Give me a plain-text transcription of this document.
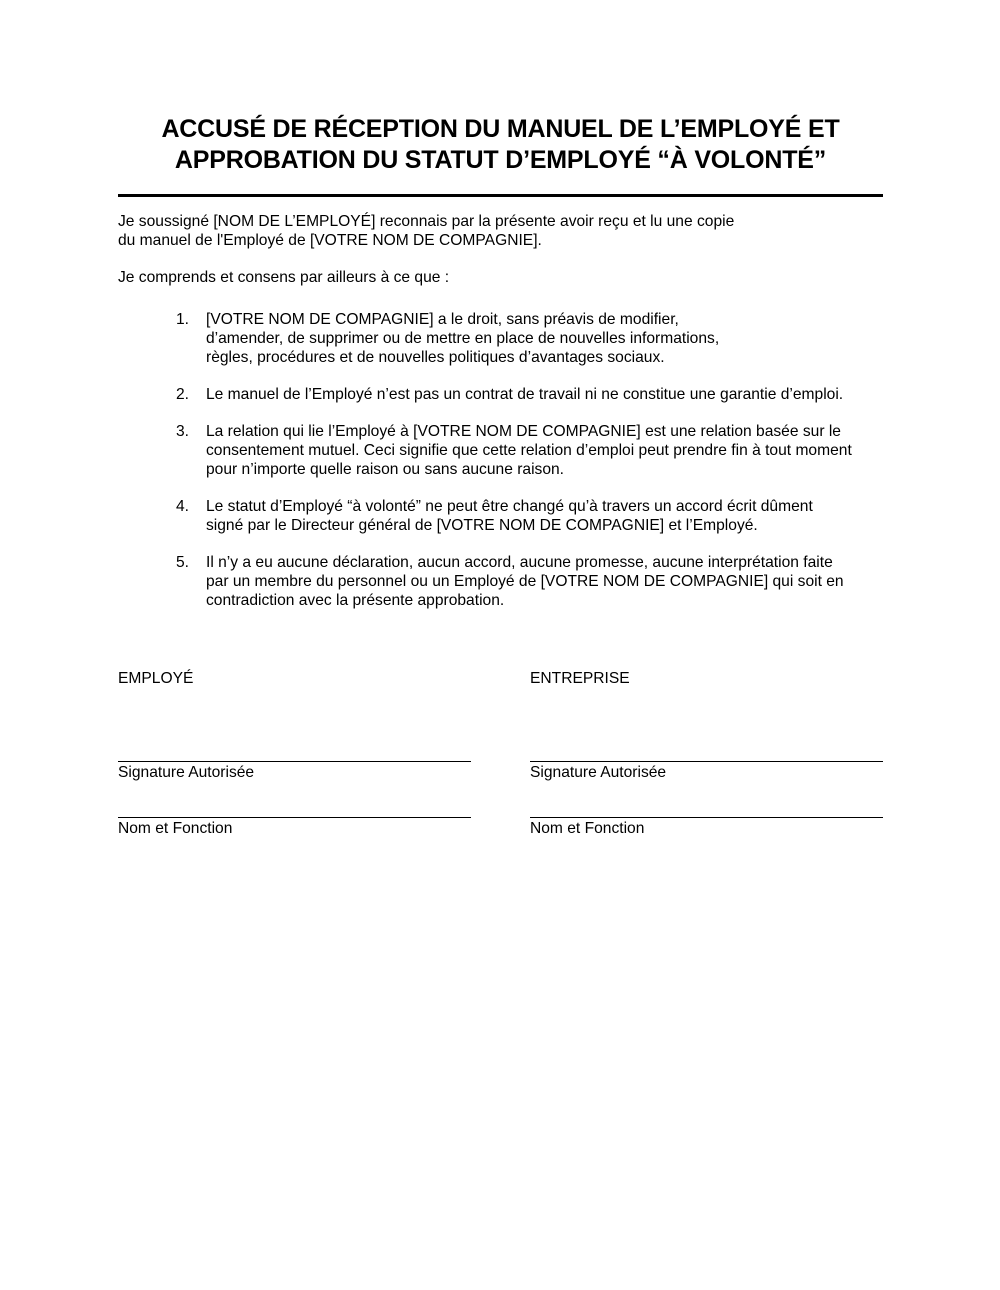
ACCUSÉ DE RÉCEPTION DU MANUEL DE L’EMPLOYÉ ET
APPROBATION DU STATUT D’EMPLOYÉ “À VOLONTÉ”

Je soussigné [NOM DE L’EMPLOYÉ] reconnais par la présente avoir reçu et lu une copie
du manuel de l'Employé de [VOTRE NOM DE COMPAGNIE].

Je comprends et consens par ailleurs à ce que :

1. [VOTRE NOM DE COMPAGNIE] a le droit, sans préavis de modifier,
d’amender, de supprimer ou de mettre en place de nouvelles informations,
règles, procédures et de nouvelles politiques d’avantages sociaux.
2. Le manuel de l’Employé n’est pas un contrat de travail ni ne constitue une garantie d’emploi.
3. La relation qui lie l’Employé à [VOTRE NOM DE COMPAGNIE] est une relation basée sur le
consentement mutuel. Ceci signifie que cette relation d’emploi peut prendre fin à tout moment
pour n’importe quelle raison ou sans aucune raison.
4. Le statut d’Employé “à volonté” ne peut être changé qu’à travers un accord écrit dûment
signé par le Directeur général de [VOTRE NOM DE COMPAGNIE] et l’Employé.
5. Il n’y a eu aucune déclaration, aucun accord, aucune promesse, aucune interprétation faite
par un membre du personnel ou un Employé de [VOTRE NOM DE COMPAGNIE] qui soit en
contradiction avec la présente approbation.
EMPLOYÉ
Signature Autorisée
Nom et Fonction
ENTREPRISE
Signature Autorisée
Nom et Fonction
